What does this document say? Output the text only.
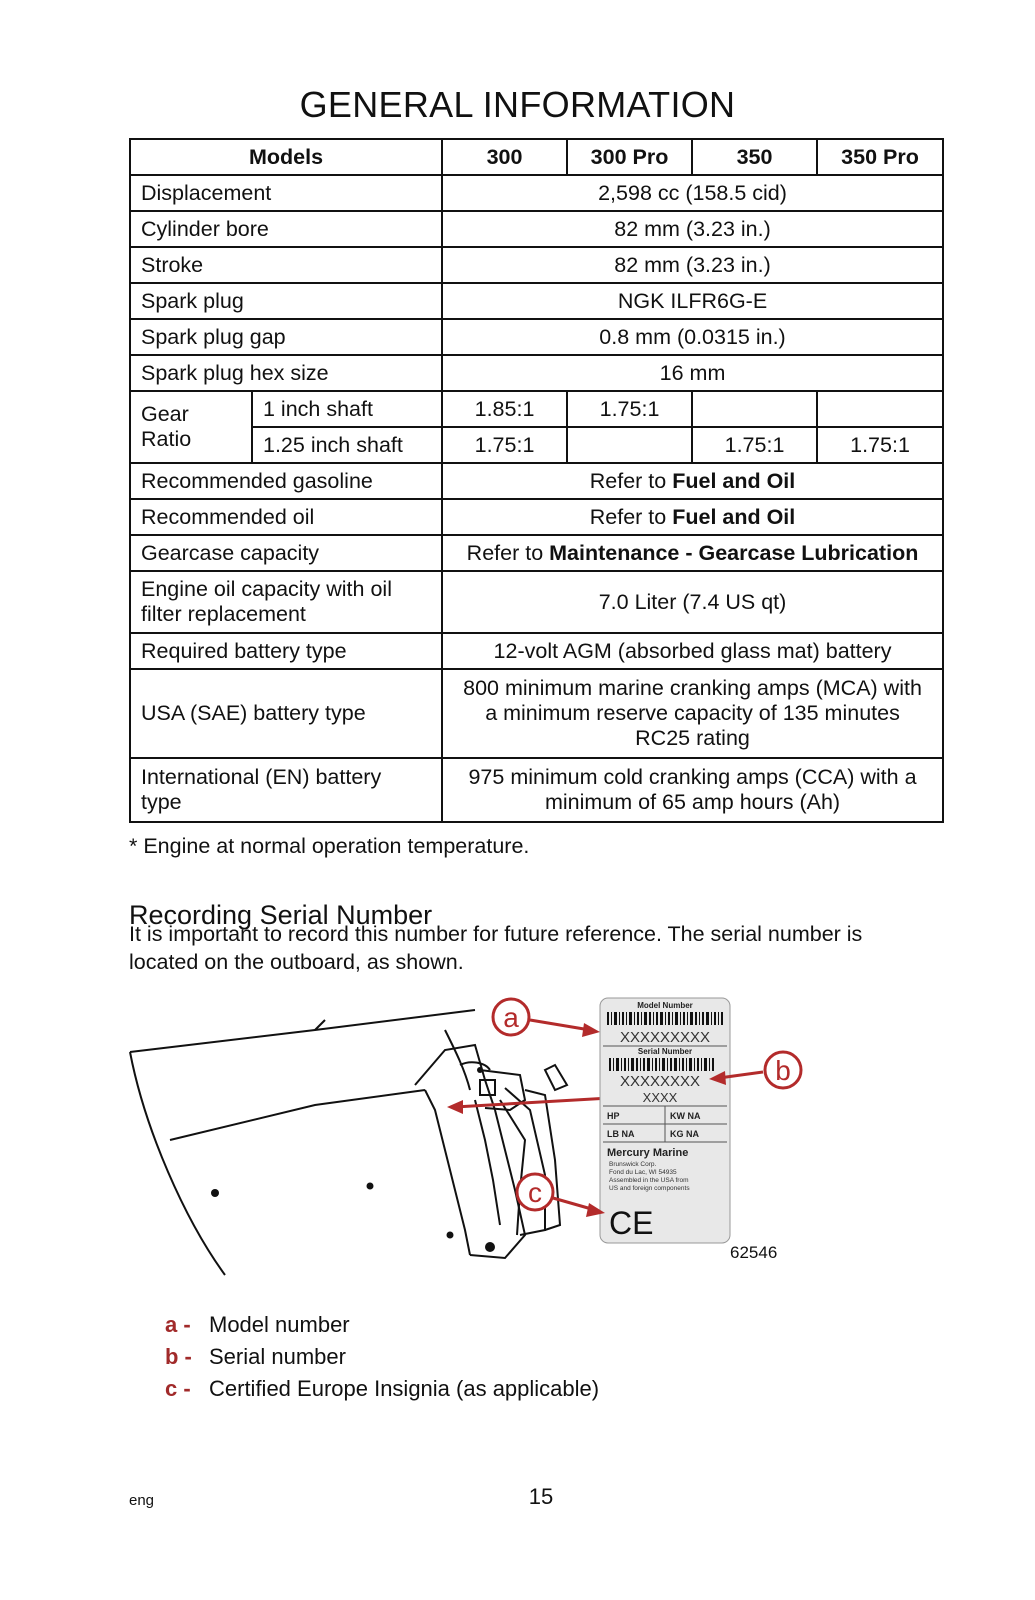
GENERAL INFORMATION
Models		300	300 Pro	350	350 Pro
Displacement		2,598 cc (158.5 cid)			
Cylinder bore		82 mm (3.23 in.)			
Stroke		82 mm (3.23 in.)			
Spark plug		NGK ILFR6G-E			
Spark plug gap		0.8 mm (0.0315 in.)			
Spark plug hex size		16 mm			
Gear Ratio	1 inch shaft	1.85:1	1.75:1		
	1.25 inch shaft	1.75:1		1.75:1	1.75:1
Recommended gasoline		Refer to Fuel and Oil			
Recommended oil		Refer to Fuel and Oil			
Gearcase capacity		Refer to Maintenance - Gearcase Lubrication			
Engine oil capacity with oil filter replacement		7.0 Liter (7.4 US qt)			
Required battery type		12-volt AGM (absorbed glass mat) battery			
USA (SAE) battery type		800 minimum marine cranking amps (MCA) with a minimum reserve capacity of 135 minutes RC25 rating			
International (EN) battery type		975 minimum cold cranking amps (CCA) with a minimum of 65 amp hours (Ah)			
* Engine at normal operation temperature.
Recording Serial Number

It is important to record this number for future reference. The serial number is located on the outboard, as shown.

Model Number
XXXXXXXXX
Serial Number
XXXXXXXX
XXXX
HP	KW NA
LB NA	KG NA
Mercury Marine
Brunswick Corp.
Fond du Lac, WI 54935
Assembled in the USA from
US and foreign components
CE
a
b
c
62546
a - Model number
b - Serial number
c - Certified Europe Insignia (as applicable)
eng	15
